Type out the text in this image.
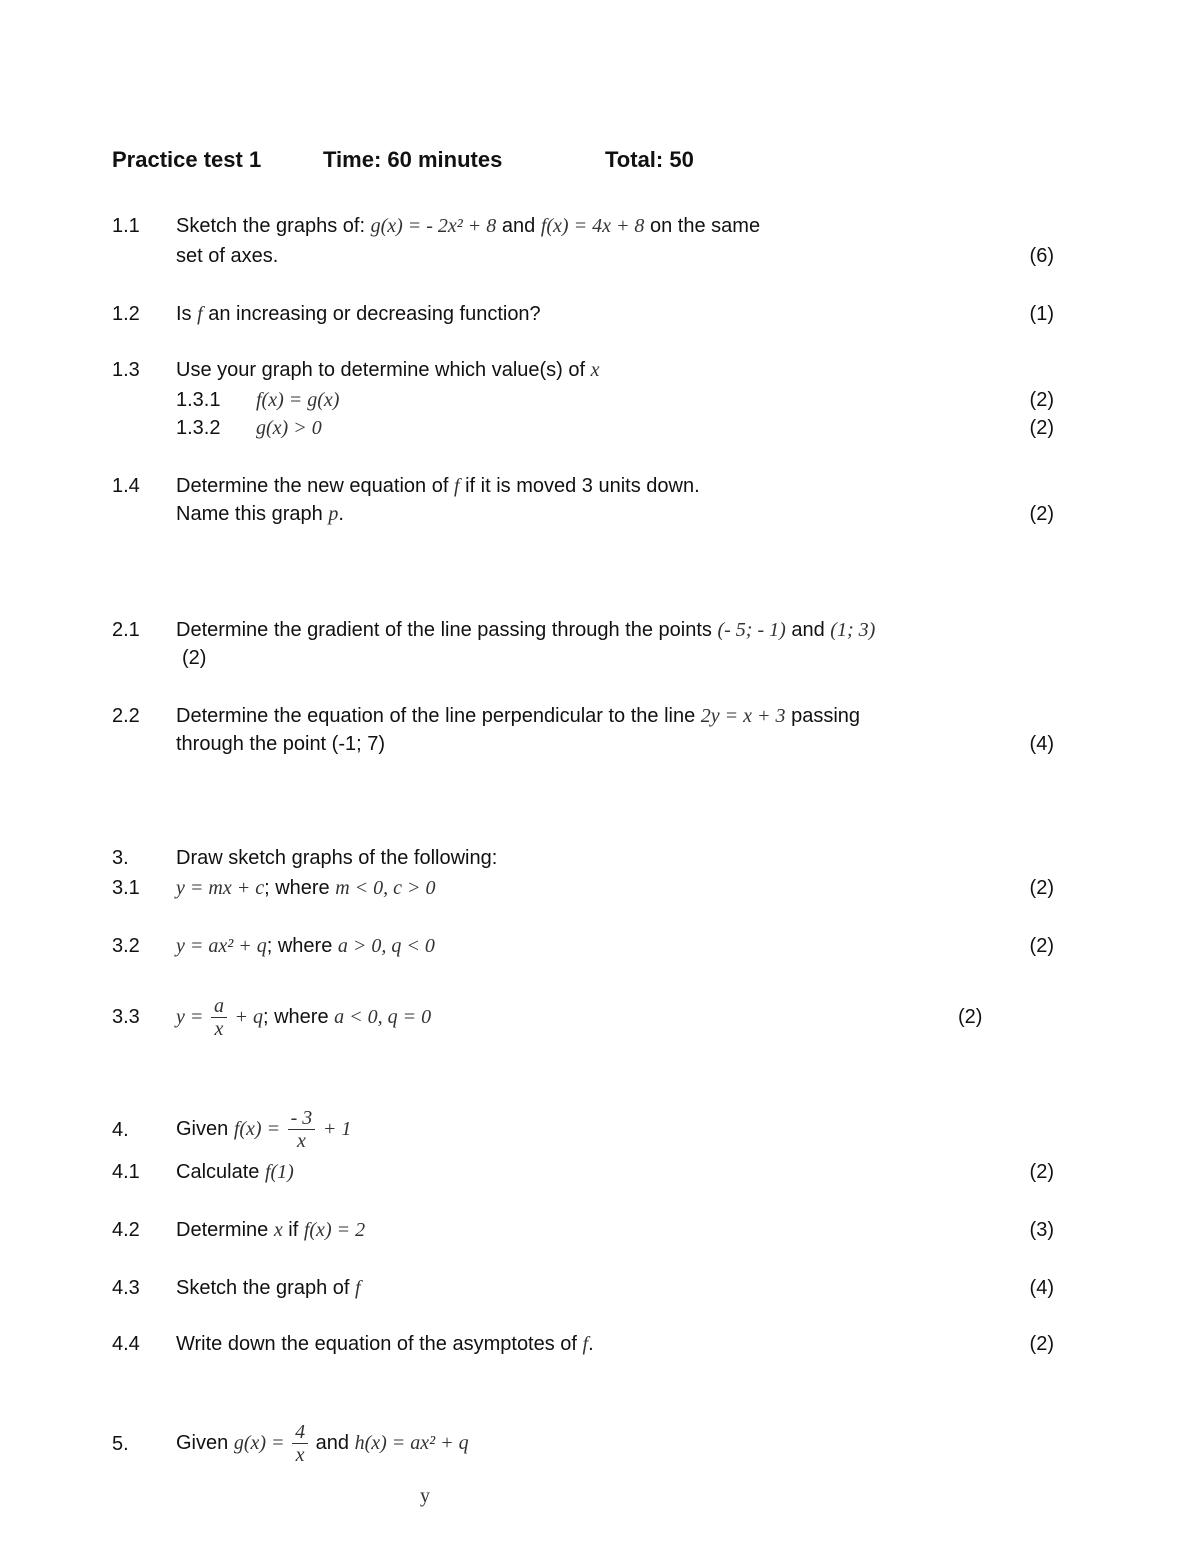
Practice test 1	Time: 60 minutes	Total: 50
1.1 Sketch the graphs of: g(x) = - 2x² + 8 and f(x) = 4x + 8 on the same
set of axes.	(6)
1.2 Is f an increasing or decreasing function?	(1)
1.3 Use your graph to determine which value(s) of x
1.3.1 f(x) = g(x)	(2)
1.3.2 g(x) > 0	(2)
1.4 Determine the new equation of f if it is moved 3 units down.
Name this graph p.	(2)
2.1 Determine the gradient of the line passing through the points (- 5; - 1) and (1; 3)
(2)
2.2 Determine the equation of the line perpendicular to the line 2y = x + 3 passing
through the point (-1; 7)	(4)
3. Draw sketch graphs of the following:
3.1 y = mx + c; where m < 0, c > 0	(2)
3.2 y = ax² + q; where a > 0, q < 0	(2)
3.3 $y = \frac{a}{x} + q$; where a < 0, q = 0	(2)
4. Given $f(x) = \frac{- 3}{x} + 1$
4.1 Calculate f(1)	(2)
4.2 Determine x if f(x) = 2	(3)
4.3 Sketch the graph of f	(4)
4.4 Write down the equation of the asymptotes of f.	(2)
5. Given $g(x) = \frac{4}{x}$ and h(x) = ax² + q
y
